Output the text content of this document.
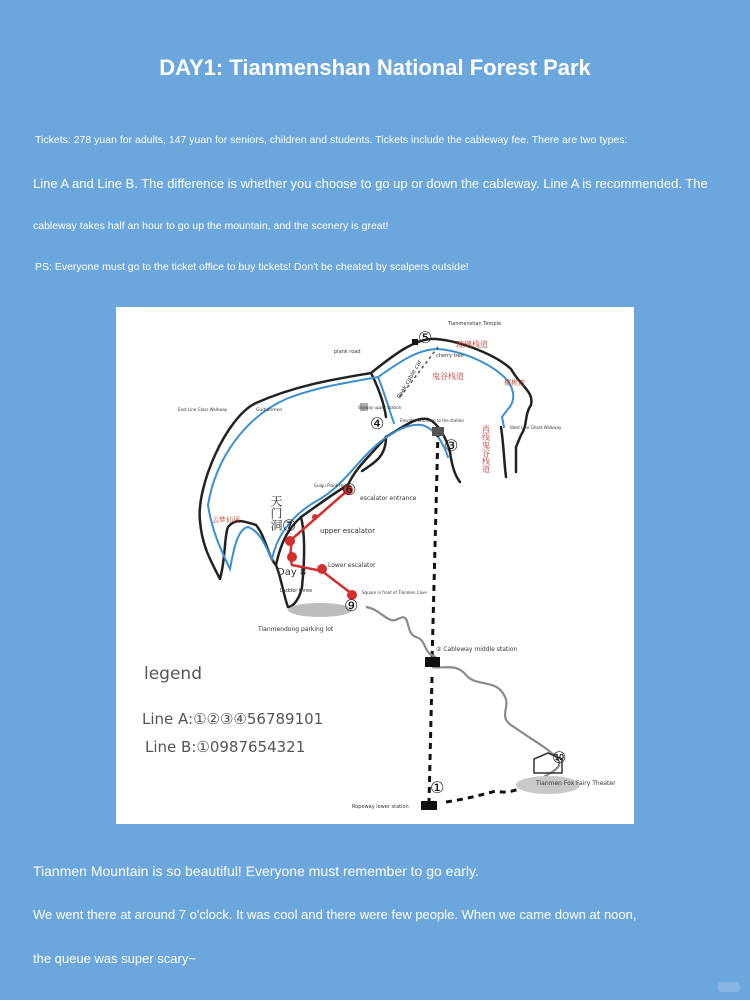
DAY1: Tianmenshan National Forest Park
Tickets: 278 yuan for adults, 147 yuan for seniors, children and students. Tickets include the cableway fee. There are two types:
Line A and Line B. The difference is whether you choose to go up or down the cableway. Line A is recommended. The
cableway takes half an hour to go up the mountain, and the scenery is great!
PS: Everyone must go to the ticket office to buy tickets! Don't be cheated by scalpers outside!
玻璃栈道
鬼谷栈道
樱桃湾
云梦仙顶
西线鬼谷栈道
天门洞
Tianmenshan Temple
plank road
cherry tree
Peak cable car
East Line Glass Walkway	Guitianmen
Skyway upper station
Elevator entrance to the station
West Line Ghost Walkway
Guigu Plank Road
escalator entrance
upper escalator
Day 8
Lower escalator
Ladder three	Square in front of Tianmen Cave
Tianmendong parking lot
② Cableway middle station
Tianmen Fox Fairy Theater
Ropeway lower station
⑤
④
③
⑥
⑦
⑨
⑩
①
legend
Line A:①②③④56789101
Line B:①0987654321
Tianmen Mountain is so beautiful! Everyone must remember to go early.
We went there at around 7 o'clock. It was cool and there were few people. When we came down at noon,
the queue was super scary~
